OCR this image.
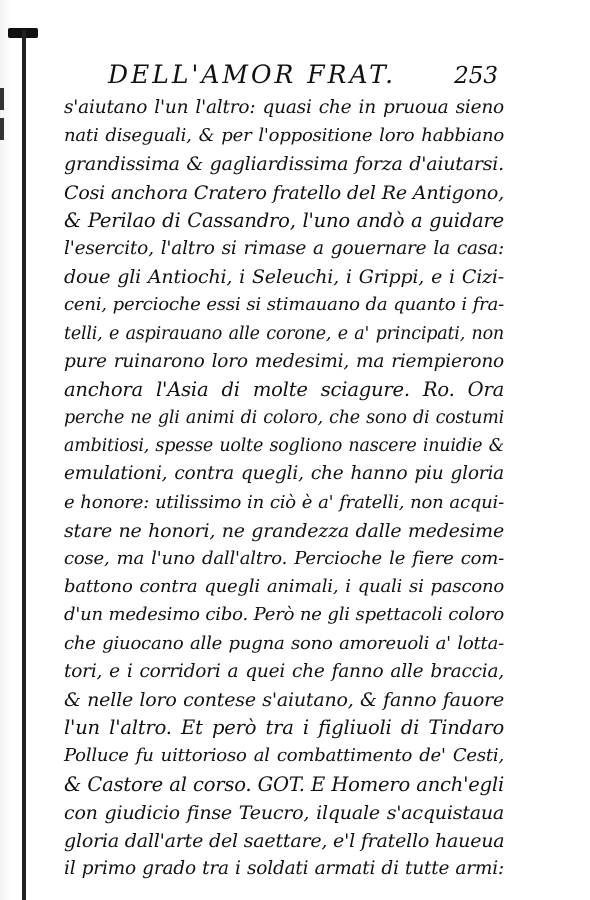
DELL'AMOR FRAT.	253
s'aiutano l'un l'altro: quasi che in pruoua sieno
nati diseguali, & per l'oppositione loro habbiano
grandissima & gagliardissima forza d'aiutarsi.
Cosi anchora Cratero fratello del Re Antigono,
& Perilao di Cassandro, l'uno andò a guidare
l'esercito, l'altro si rimase a gouernare la casa:
doue gli Antiochi, i Seleuchi, i Grippi, e i Cizi-
ceni, percioche essi si stimauano da quanto i fra-
telli, e aspirauano alle corone, e a' principati, non
pure ruinarono loro medesimi, ma riempierono
anchora l'Asia di molte sciagure. Ro. Ora
perche ne gli animi di coloro, che sono di costumi
ambitiosi, spesse uolte sogliono nascere inuidie &
emulationi, contra quegli, che hanno piu gloria
e honore: utilissimo in ciò è a' fratelli, non acqui-
stare ne honori, ne grandezza dalle medesime
cose, ma l'uno dall'altro. Percioche le fiere com-
battono contra quegli animali, i quali si pascono
d'un medesimo cibo. Però ne gli spettacoli coloro
che giuocano alle pugna sono amoreuoli a' lotta-
tori, e i corridori a quei che fanno alle braccia,
& nelle loro contese s'aiutano, & fanno fauore
l'un l'altro. Et però tra i figliuoli di Tindaro
Polluce fu uittorioso al combattimento de' Cesti,
& Castore al corso. GOT. E Homero anch'egli
con giudicio finse Teucro, ilquale s'acquistaua
gloria dall'arte del saettare, e'l fratello haueua
il primo grado tra i soldati armati di tutte armi:
